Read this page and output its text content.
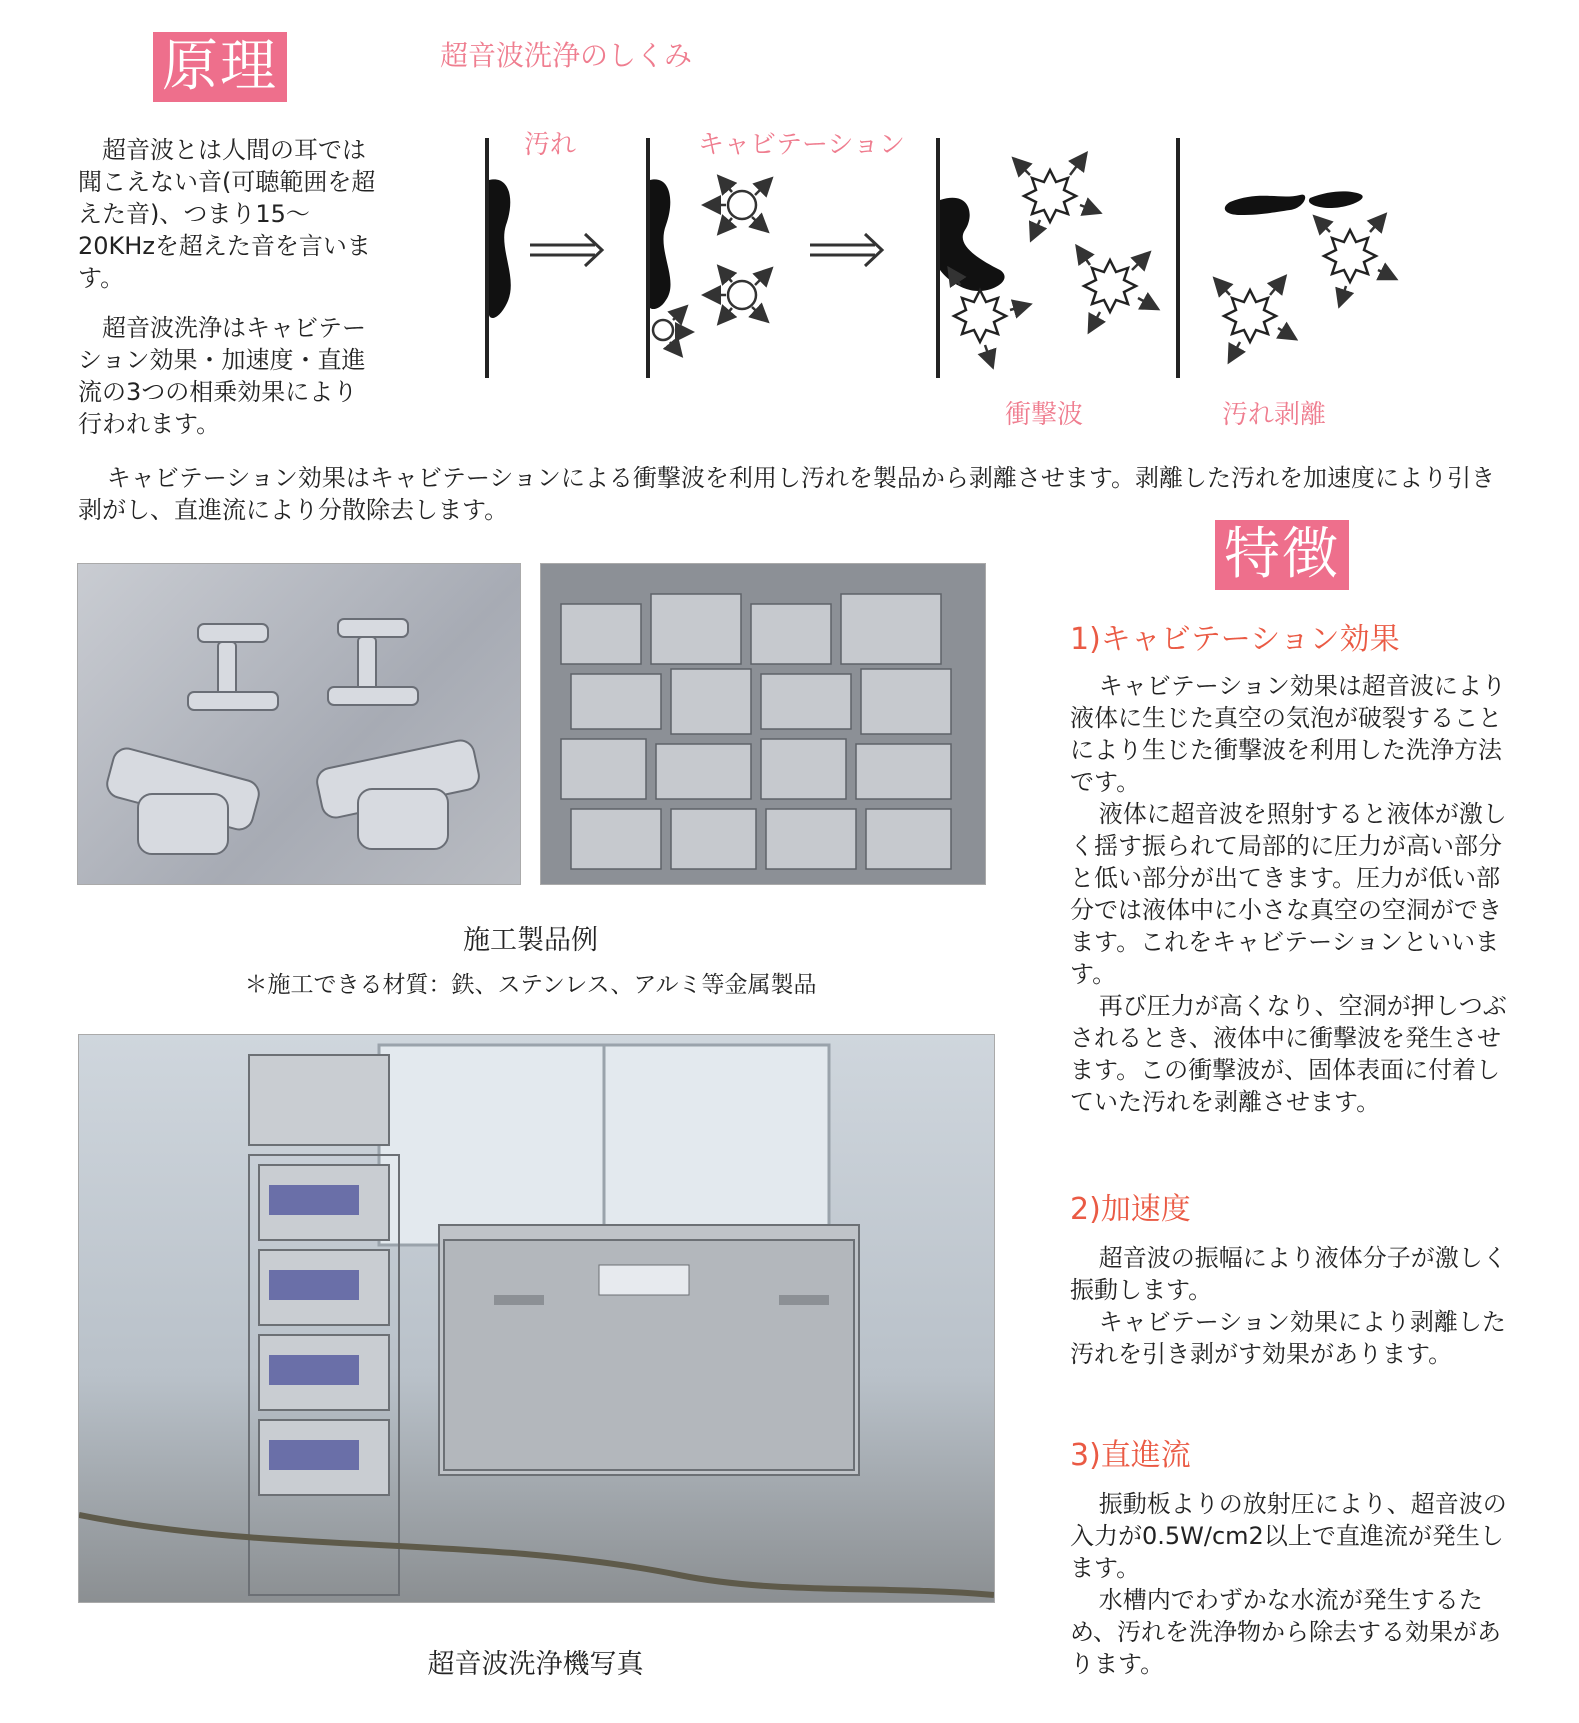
原理	超音波洗浄のしくみ

超音波とは人間の耳では聞こえない音(可聴範囲を超えた音)、つまり15～20KHzを超えた音を言います。

超音波洗浄はキャビテーション効果・加速度・直進流の3つの相乗効果により行われます。

汚れ	キャビテーション
衝撃波	汚れ剥離
キャビテーション効果はキャビテーションによる衝撃波を利用し汚れを製品から剥離させます。剥離した汚れを加速度により引き剥がし、直進流により分散除去します。
施工製品例
＊施工できる材質：鉄、ステンレス、アルミ等金属製品
超音波洗浄機写真
特徴
1)キャビテーション効果

キャビテーション効果は超音波により液体に生じた真空の気泡が破裂することにより生じた衝撃波を利用した洗浄方法です。

液体に超音波を照射すると液体が激しく揺す振られて局部的に圧力が高い部分と低い部分が出てきます。圧力が低い部分では液体中に小さな真空の空洞ができます。これをキャビテーションといいます。

再び圧力が高くなり、空洞が押しつぶされるとき、液体中に衝撃波を発生させます。この衝撃波が、固体表面に付着していた汚れを剥離させます。

2)加速度

超音波の振幅により液体分子が激しく振動します。

キャビテーション効果により剥離した汚れを引き剥がす効果があります。

3)直進流

振動板よりの放射圧により、超音波の入力が0.5W/cm2以上で直進流が発生します。

水槽内でわずかな水流が発生するため、汚れを洗浄物から除去する効果があります。
